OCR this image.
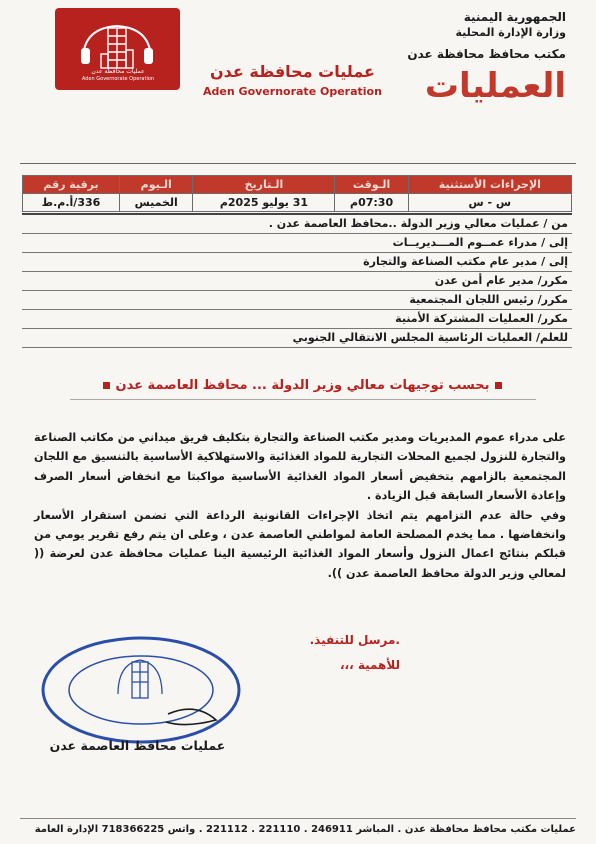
الجمهورية اليمنية
وزارة الإدارة المحلية
مكتب محافظ محافظة عدن
العمليات
عمليات محافظة عدن
Aden Governorate Operation	عمليات محافظة عدن
Aden Governorate Operation
الإجراءات الأستثنية	الـوقت	الـتاريخ	الـيوم	برقية رقم
س - س	07:30م	31 يوليو 2025م	الخميس	336/أ.م.ط
من / عمليات معالي وزير الدولة ..محافظ العاصمة عدن .
إلى / مدراء عمــوم المـــديريــات
إلى / مدير عام مكتب الصناعة والتجارة
مكرر/ مدير عام أمن عدن
مكرر/ رئيس اللجان المجتمعية
مكرر/ العمليات المشتركة الأمنية
للعلم/ العمليات الرئاسية المجلس الانتقالي الجنوبي
بحسب توجيهات معالي وزير الدولة ... محافظ العاصمة عدن

على مدراء عموم المديريات ومدير مكتب الصناعة والتجارة بتكليف فريق ميداني من مكاتب الصناعة والتجارة للنزول لجميع المحلات التجارية للمواد الغذائية والاستهلاكية الأساسية بالتنسيق مع اللجان المجتمعية بالزامهم بتخفيض أسعار المواد الغذائية الأساسية مواكبتا مع انخفاض أسعار الصرف وإعادة الأسعار السابقة قبل الزيادة .

وفي حالة عدم التزامهم يتم اتخاذ الإجراءات القانونية الرداعة التي تضمن استقرار الأسعار وانخفاضها . مما يخدم المصلحة العامة لمواطني العاصمة عدن ، وعلى ان يتم رفع تقرير يومي من قبلكم بنتائج اعمال النزول وأسعار المواد الغذائية الرئيسية الينا عمليات محافظة عدن لعرضة (( لمعالي وزير الدولة محافظ العاصمة عدن )).

.مرسل للتنفيذ.
للأهمية ،،،
عمليات محافظ العاصمة عدن
عمليات مكتب محافظ محافظة عدن . المباشر 246911 . 221110 . 221112 . واتس 718366225 الإدارة العامة
